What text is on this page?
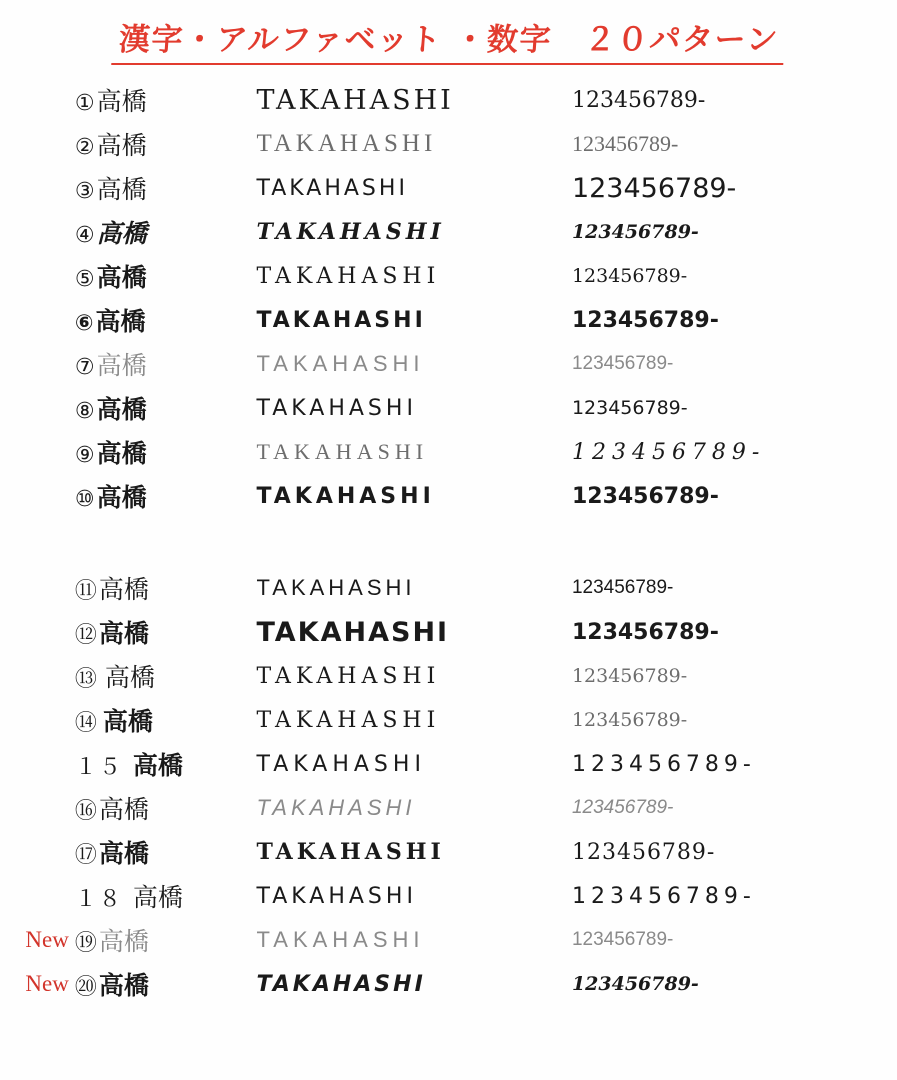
漢字・アルファベット ・数字　２０パターン
① 高橋	TAKAHASHI	123456789-
② 高橋	TAKAHASHI	123456789-
③ 高橋	TAKAHASHI	123456789-
④ 高橋	TAKAHASHI	123456789-
⑤ 高橋	TAKAHASHI	123456789-
⑥ 高橋	TAKAHASHI	123456789-
⑦ 高橋	TAKAHASHI	123456789-
⑧ 高橋	TAKAHASHI	123456789-
⑨ 高橋	TAKAHASHI	123456789-
⑩ 高橋	TAKAHASHI	123456789-
⑪ 高橋	TAKAHASHI	123456789-
⑫ 高橋	TAKAHASHI	123456789-
⑬ 高橋	TAKAHASHI	123456789-
⑭ 高橋	TAKAHASHI	123456789-
１５ 高橋	TAKAHASHI	123456789-
⑯ 高橋	TAKAHASHI	123456789-
⑰ 高橋	TAKAHASHI	123456789-
１８ 高橋	TAKAHASHI	123456789-
New ⑲ 高橋	TAKAHASHI	123456789-
New ⑳ 高橋	TAKAHASHI	123456789-
